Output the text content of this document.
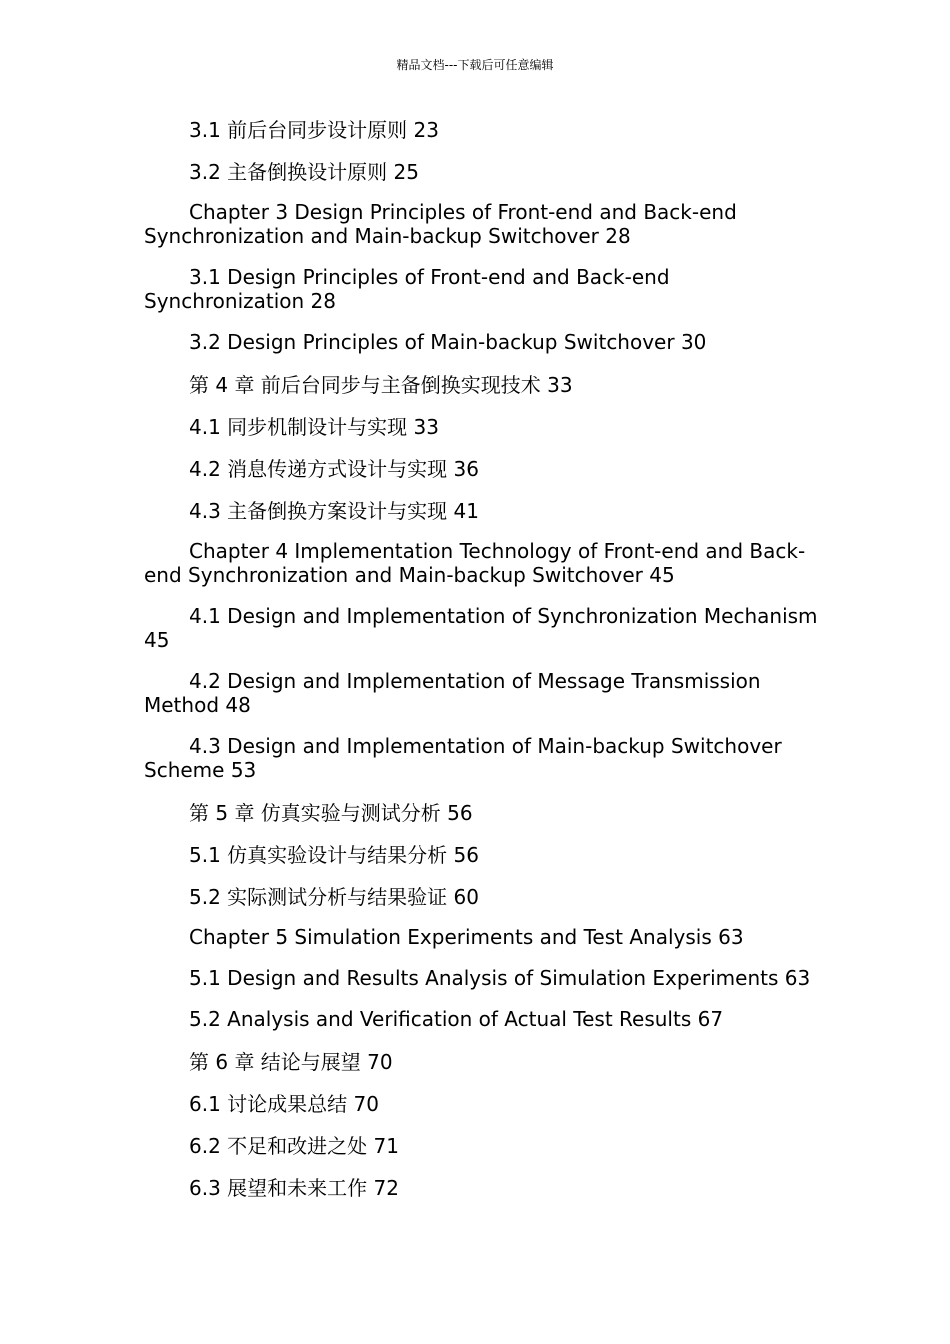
精品文档---下载后可任意编辑

3.1 前后台同步设计原则 23

3.2 主备倒换设计原则 25

Chapter 3 Design Principles of Front-end and Back-end Synchronization and Main-backup Switchover 28

3.1 Design Principles of Front-end and Back-end Synchronization 28

3.2 Design Principles of Main-backup Switchover 30

第 4 章 前后台同步与主备倒换实现技术 33

4.1 同步机制设计与实现 33

4.2 消息传递方式设计与实现 36

4.3 主备倒换方案设计与实现 41

Chapter 4 Implementation Technology of Front-end and Back-end Synchronization and Main-backup Switchover 45

4.1 Design and Implementation of Synchronization Mechanism 45

4.2 Design and Implementation of Message Transmission Method 48

4.3 Design and Implementation of Main-backup Switchover Scheme 53

第 5 章 仿真实验与测试分析 56

5.1 仿真实验设计与结果分析 56

5.2 实际测试分析与结果验证 60

Chapter 5 Simulation Experiments and Test Analysis 63

5.1 Design and Results Analysis of Simulation Experiments 63

5.2 Analysis and Verification of Actual Test Results 67

第 6 章 结论与展望 70

6.1 讨论成果总结 70

6.2 不足和改进之处 71

6.3 展望和未来工作 72
